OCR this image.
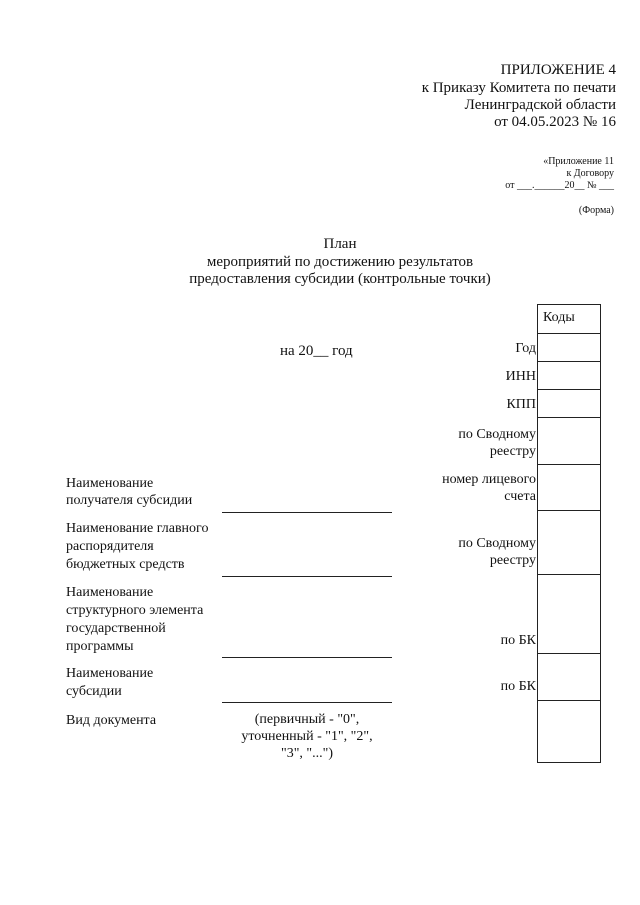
ПРИЛОЖЕНИЕ 4
к Приказу Комитета по печати
Ленинградской области
от 04.05.2023 № 16
«Приложение 11
к Договору
от ___.______20__ № ___
(Форма)
План
мероприятий по достижению результатов
предоставления субсидии (контрольные точки)
на 20__ год
Коды
Год
ИНН
КПП
по Сводному
реестру
номер лицевого
счета
по Сводному
реестру
по БК
по БК
Наименование
получателя субсидии
Наименование главного
распорядителя
бюджетных средств
Наименование
структурного элемента
государственной
программы
Наименование
субсидии
Вид документа	(первичный - "0",
уточненный - "1", "2",
"3", "...")
